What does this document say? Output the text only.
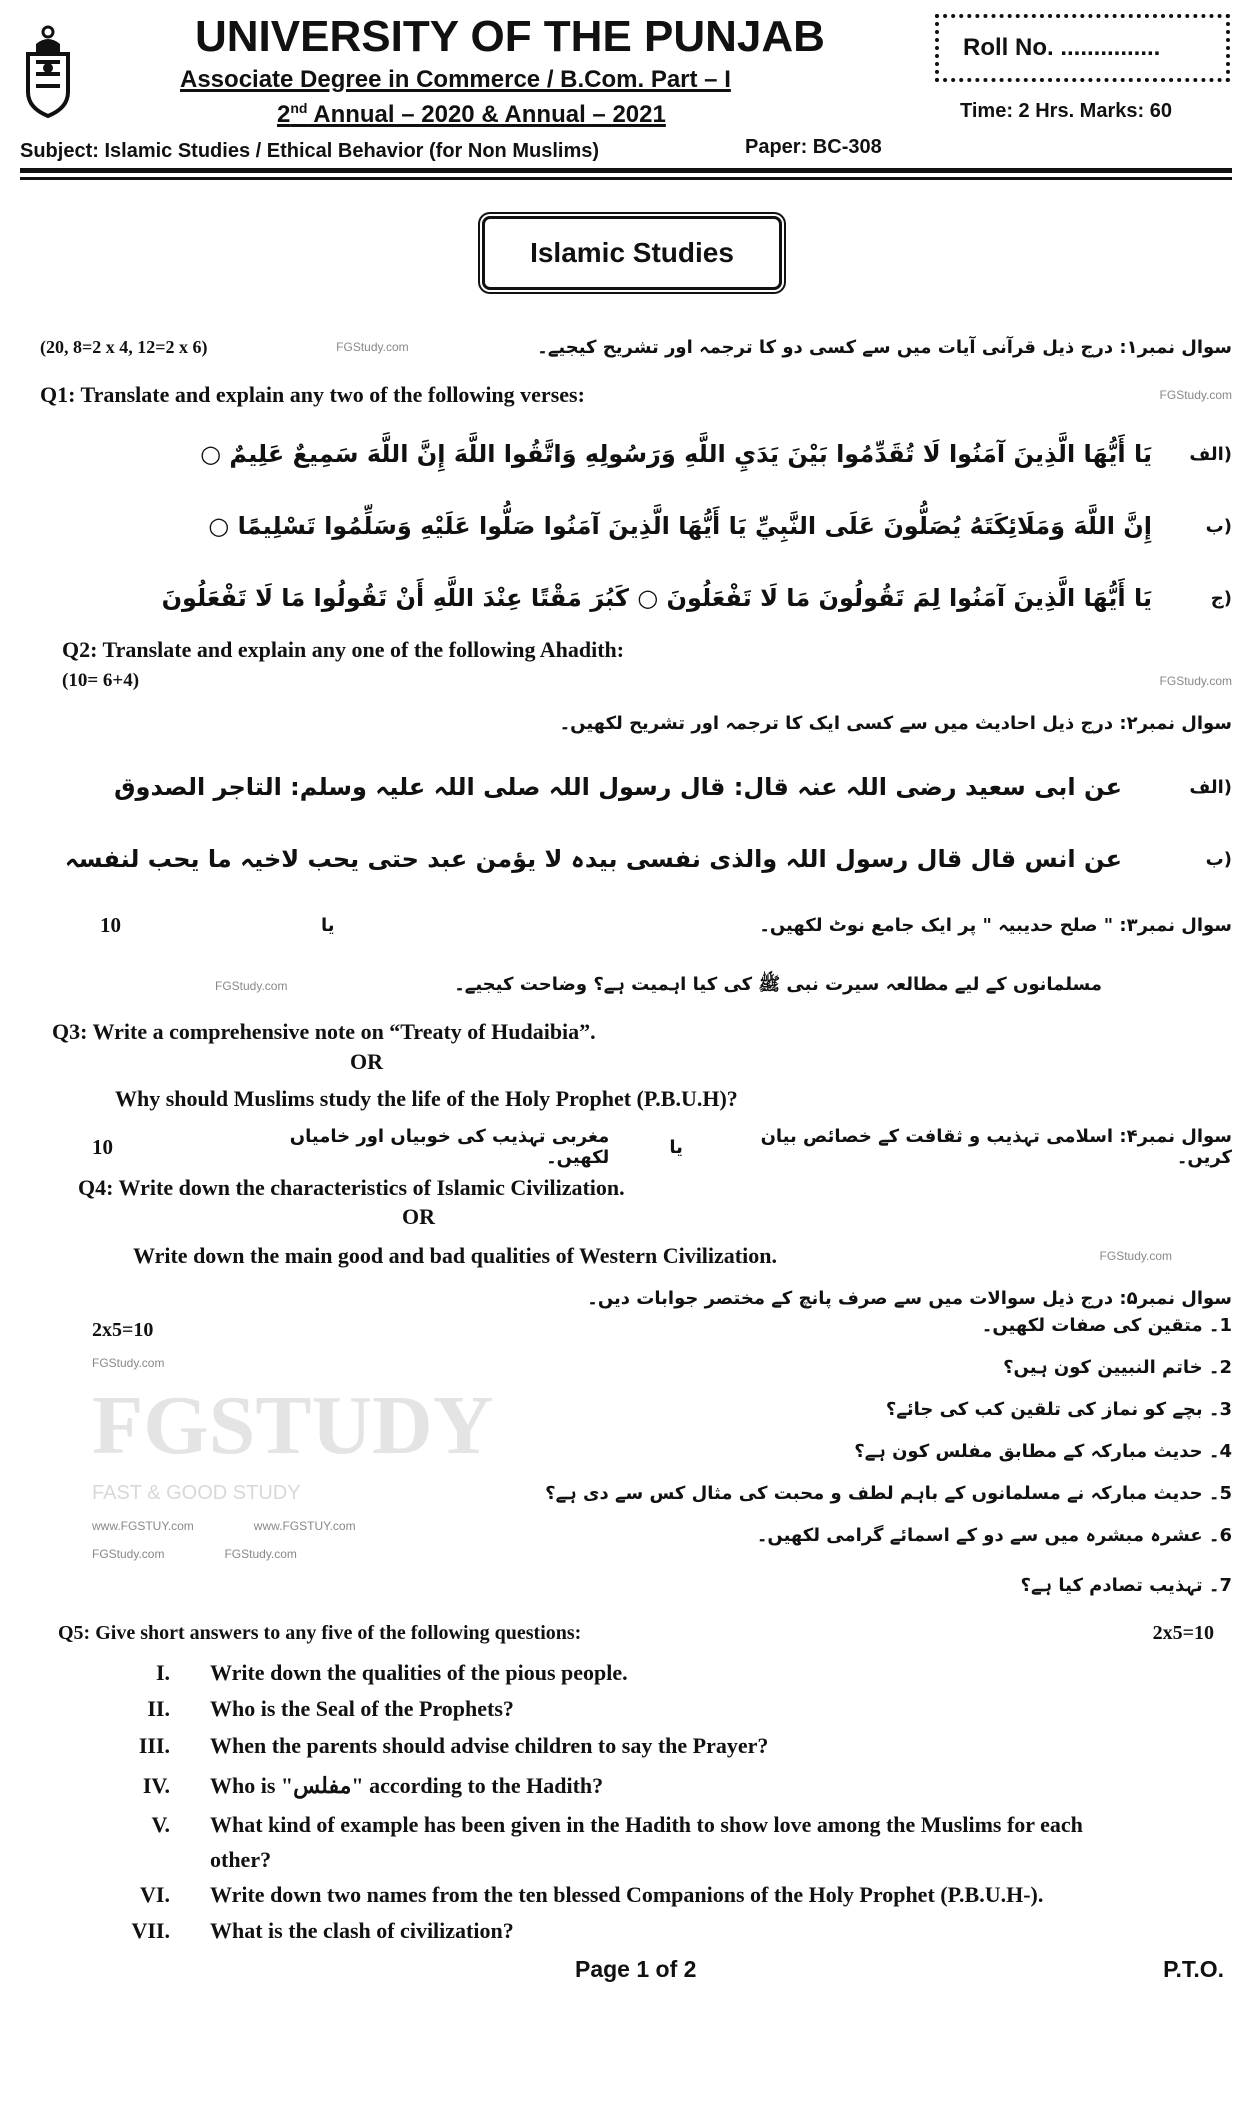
UNIVERSITY OF THE PUNJAB
Associate Degree in Commerce / B.Com. Part – I
2nd Annual – 2020 & Annual – 2021
Roll No. ...............
Time: 2 Hrs. Marks: 60
Subject: Islamic Studies / Ethical Behavior (for Non Muslims)	Paper: BC-308
Islamic Studies
(20, 8=2 x 4, 12=2 x 6)	FGStudy.com	سوال نمبر۱: درج ذیل قرآنی آیات میں سے کسی دو کا ترجمہ اور تشریح کیجیے۔
Q1: Translate and explain any two of the following verses:	FGStudy.com
(الف
يَا أَيُّهَا الَّذِينَ آمَنُوا لَا تُقَدِّمُوا بَيْنَ يَدَيِ اللَّهِ وَرَسُولِهِ وَاتَّقُوا اللَّهَ إِنَّ اللَّهَ سَمِيعٌ عَلِيمٌ ○
(ب
إِنَّ اللَّهَ وَمَلَائِكَتَهُ يُصَلُّونَ عَلَى النَّبِيِّ يَا أَيُّهَا الَّذِينَ آمَنُوا صَلُّوا عَلَيْهِ وَسَلِّمُوا تَسْلِيمًا ○
(ج
يَا أَيُّهَا الَّذِينَ آمَنُوا لِمَ تَقُولُونَ مَا لَا تَفْعَلُونَ ○ كَبُرَ مَقْتًا عِنْدَ اللَّهِ أَنْ تَقُولُوا مَا لَا تَفْعَلُونَ
Q2: Translate and explain any one of the following Ahadith:
(10= 6+4)	FGStudy.com
سوال نمبر۲: درج ذیل احادیث میں سے کسی ایک کا ترجمہ اور تشریح لکھیں۔
(الف
عن ابی سعید رضی اللہ عنہ قال: قال رسول اللہ صلی اللہ علیہ وسلم: التاجر الصدوق
(ب
عن انس قال قال رسول اللہ والذی نفسی بیدہ لا یؤمن عبد حتی یحب لاخیہ ما یحب لنفسہ
10	یا	سوال نمبر۳: " صلح حدیبیہ " پر ایک جامع نوٹ لکھیں۔
FGStudy.com	مسلمانوں کے لیے مطالعہ سیرت نبی ﷺ کی کیا اہمیت ہے؟ وضاحت کیجیے۔
Q3: Write a comprehensive note on “Treaty of Hudaibia”.
OR
Why should Muslims study the life of the Holy Prophet (P.B.U.H)?
10	مغربی تہذیب کی خوبیاں اور خامیاں لکھیں۔	یا	سوال نمبر۴: اسلامی تہذیب و ثقافت کے خصائص بیان کریں۔
Q4: Write down the characteristics of Islamic Civilization.
OR
Write down the main good and bad qualities of Western Civilization.	FGStudy.com
سوال نمبر۵: درج ذیل سوالات میں سے صرف پانچ کے مختصر جوابات دیں۔
2x5=10
FGStudy.com
FGSTUDY
FAST & GOOD STUDY
www.FGSTUY.com	www.FGSTUY.com
FGStudy.com	FGStudy.com
1۔ متقین کی صفات لکھیں۔
2۔ خاتم النبیین کون ہیں؟
3۔ بچے کو نماز کی تلقین کب کی جائے؟
4۔ حدیث مبارکہ کے مطابق مفلس کون ہے؟
5۔ حدیث مبارکہ نے مسلمانوں کے باہم لطف و محبت کی مثال کس سے دی ہے؟
6۔ عشرہ مبشرہ میں سے دو کے اسمائے گرامی لکھیں۔
7۔ تہذیب تصادم کیا ہے؟
Q5: Give short answers to any five of the following questions:	2x5=10
I. Write down the qualities of the pious people.
II. Who is the Seal of the Prophets?
III. When the parents should advise children to say the Prayer?
IV. Who is "مفلس" according to the Hadith?
V. What kind of example has been given in the Hadith to show love among the Muslims for each
other?
VI. Write down two names from the ten blessed Companions of the Holy Prophet (P.B.U.H-).
VII. What is the clash of civilization?
Page 1 of 2	P.T.O.
